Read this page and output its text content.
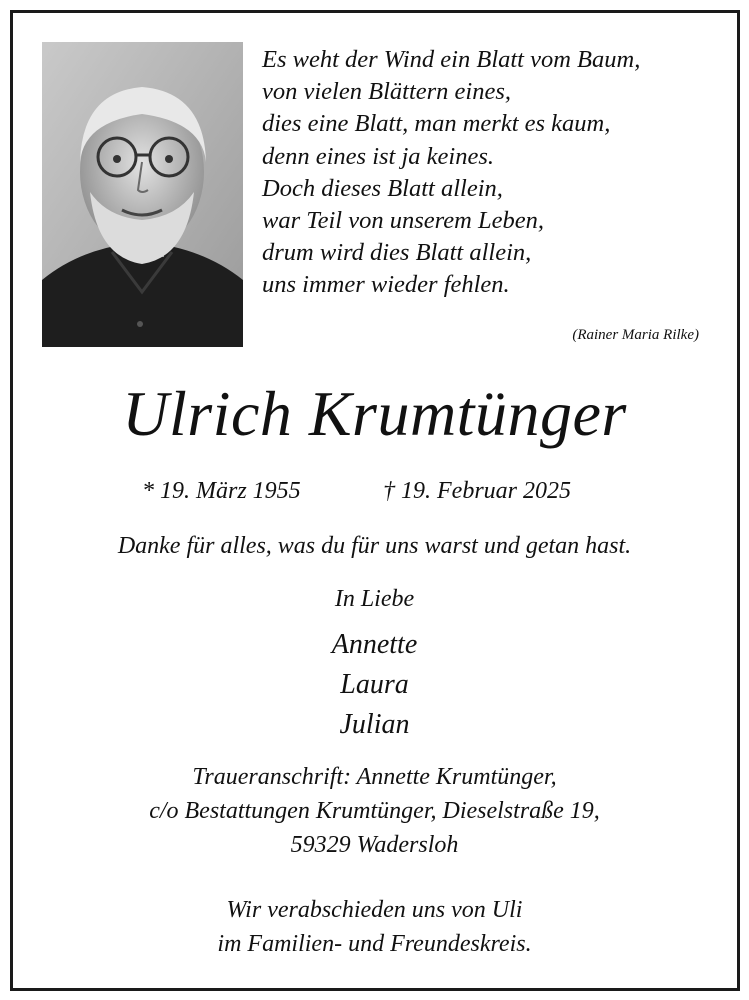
Es weht der Wind ein Blatt vom Baum,
von vielen Blättern eines,
dies eine Blatt, man merkt es kaum,
denn eines ist ja keines.
Doch dieses Blatt allein,
war Teil von unserem Leben,
drum wird dies Blatt allein,
uns immer wieder fehlen.
(Rainer Maria Rilke)
Ulrich Krumtünger
* 19. März 1955	† 19. Februar 2025
Danke für alles, was du für uns warst und getan hast.
In Liebe
Annette
Laura
Julian
Traueranschrift: Annette Krumtünger,
c/o Bestattungen Krumtünger, Dieselstraße 19,
59329 Wadersloh
Wir verabschieden uns von Uli
im Familien- und Freundeskreis.
